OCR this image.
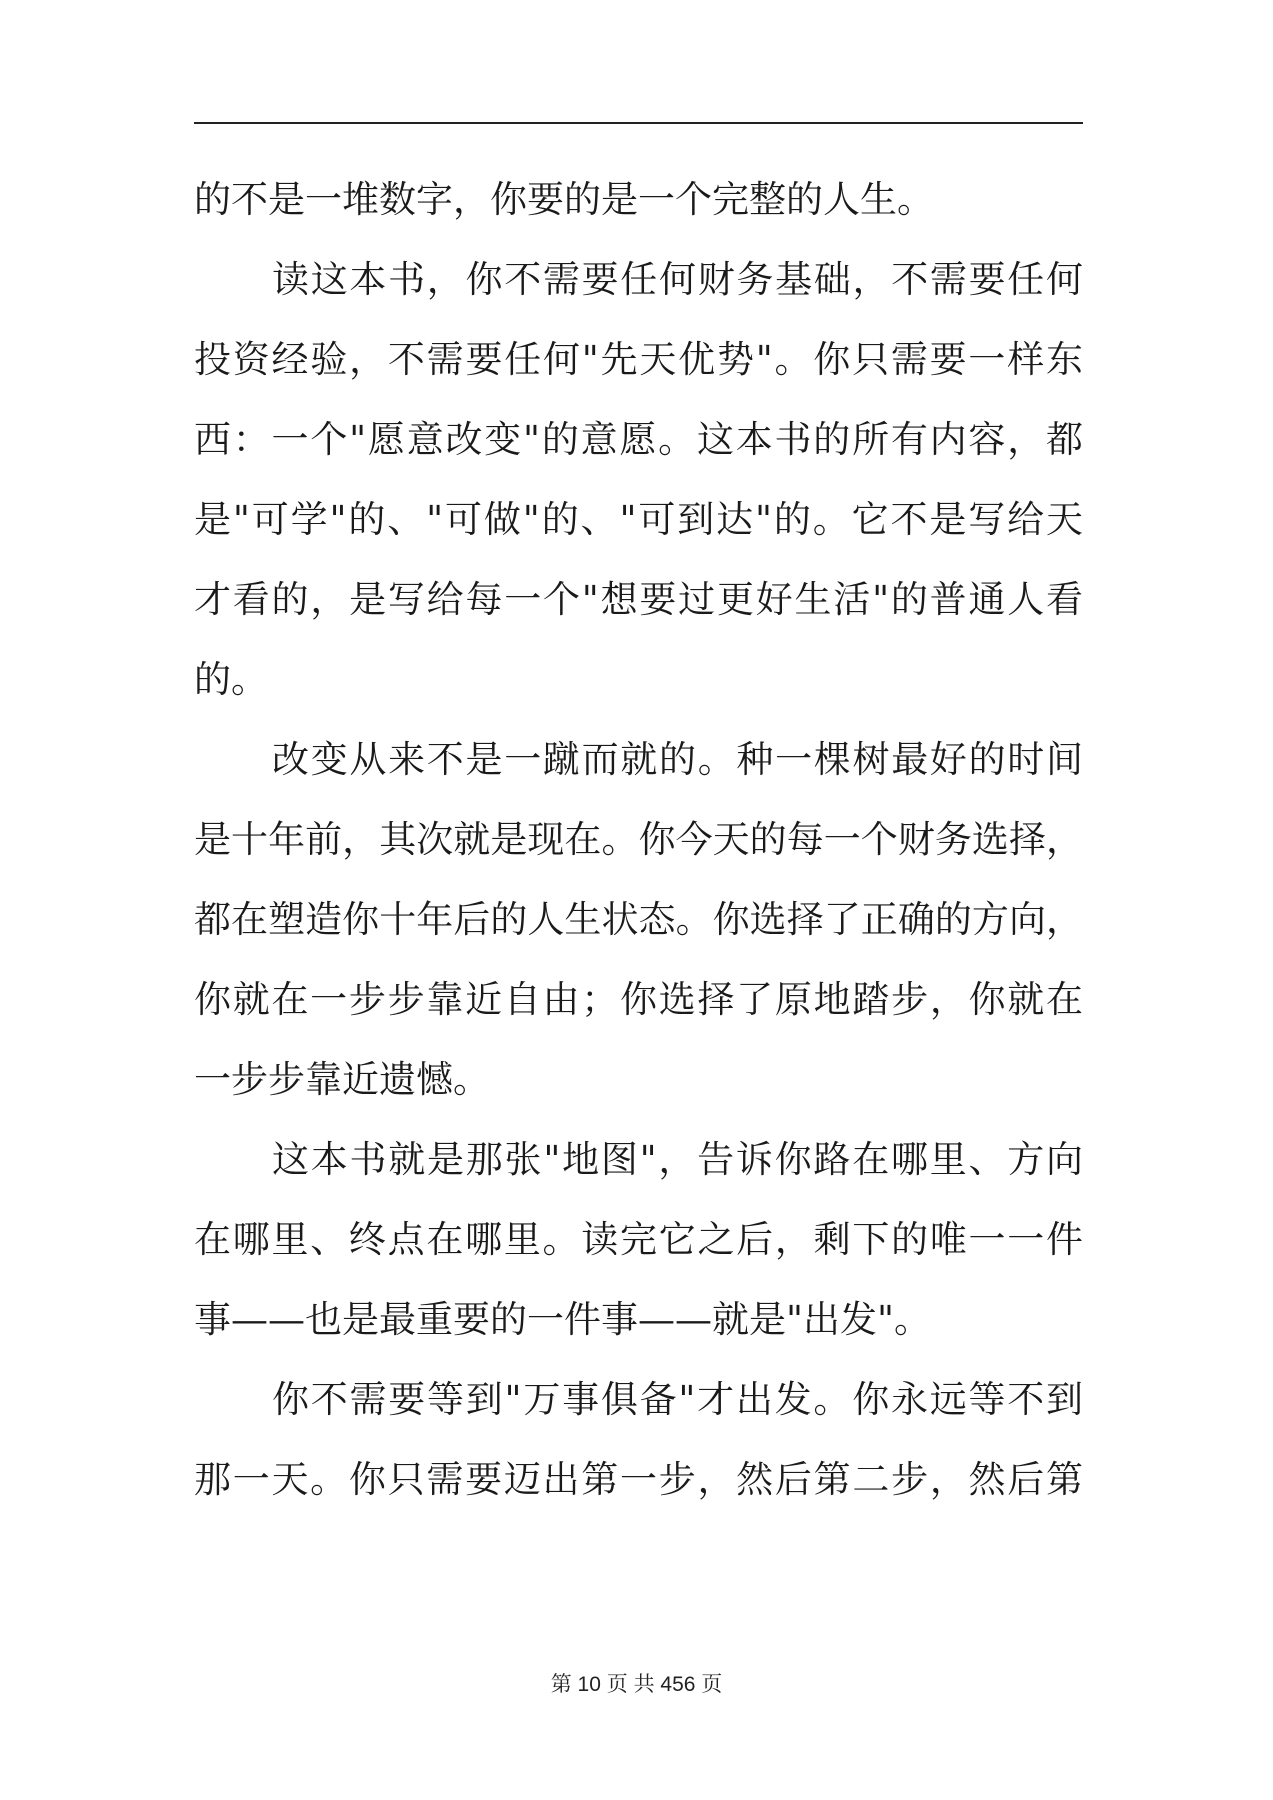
的不是一堆数字，你要的是一个完整的人生。
读这本书，你不需要任何财务基础，不需要任何
投资经验，不需要任何"先天优势"。你只需要一样东
西：一个"愿意改变"的意愿。这本书的所有内容，都
是"可学"的、"可做"的、"可到达"的。它不是写给天
才看的，是写给每一个"想要过更好生活"的普通人看
的。
改变从来不是一蹴而就的。种一棵树最好的时间
是十年前，其次就是现在。你今天的每一个财务选择，
都在塑造你十年后的人生状态。你选择了正确的方向，
你就在一步步靠近自由；你选择了原地踏步，你就在
一步步靠近遗憾。
这本书就是那张"地图"，告诉你路在哪里、方向
在哪里、终点在哪里。读完它之后，剩下的唯一一件
事——也是最重要的一件事——就是"出发"。
你不需要等到"万事俱备"才出发。你永远等不到
那一天。你只需要迈出第一步，然后第二步，然后第
第 10 页 共 456 页
